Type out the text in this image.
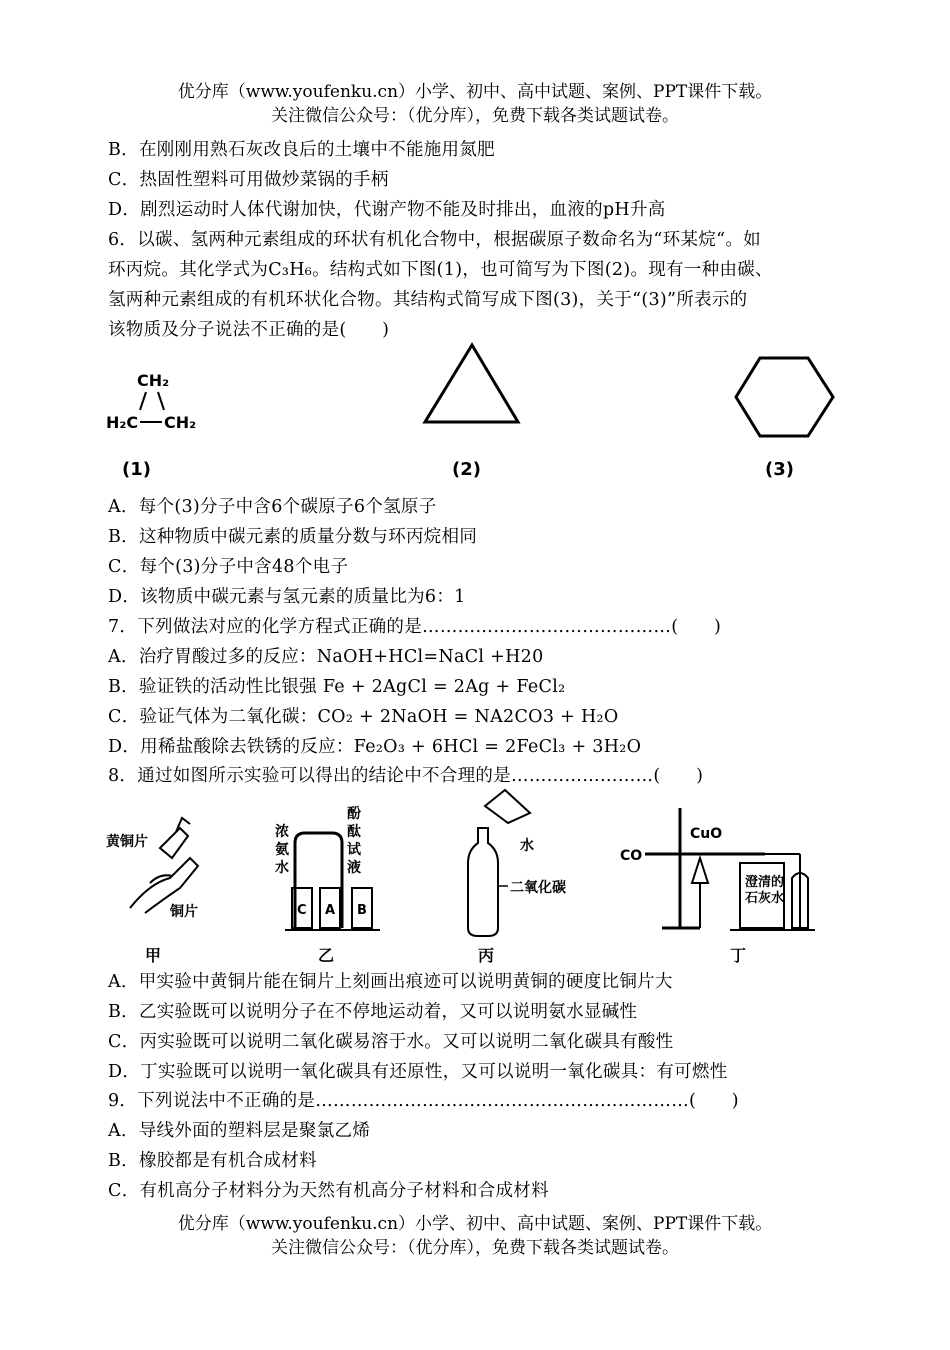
优分库（www.youfenku.cn）小学、初中、高中试题、案例、PPT课件下载。
关注微信公众号：（优分库），免费下载各类试题试卷。
B．在刚刚用熟石灰改良后的土壤中不能施用氮肥
C．热固性塑料可用做炒菜锅的手柄
D．剧烈运动时人体代谢加快，代谢产物不能及时排出，血液的pH升高
6．以碳、氢两种元素组成的环状有机化合物中，根据碳原子数命名为“环某烷“。如
环丙烷。其化学式为C₃H₆。结构式如下图(1)，也可简写为下图(2)。现有一种由碳、
氢两种元素组成的有机环状化合物。其结构式简写成下图(3)，关于“(3)”所表示的
该物质及分子说法不正确的是(　　)
CH₂
H₂C CH₂
(1)	(2)	(3)
A．每个(3)分子中含6个碳原子6个氢原子
B．这种物质中碳元素的质量分数与环丙烷相同
C．每个(3)分子中含48个电子
D．该物质中碳元素与氢元素的质量比为6：1
7．下列做法对应的化学方程式正确的是……………………………………(　　)
A．治疗胃酸过多的反应：NaOH+HCl=NaCl +H20
B．验证铁的活动性比银强 Fe + 2AgCl = 2Ag + FeCl₂
C．验证气体为二氧化碳：CO₂ + 2NaOH = NA2CO3 + H₂O
D．用稀盐酸除去铁锈的反应：Fe₂O₃ + 6HCl = 2FeCl₃ + 3H₂O
8．通过如图所示实验可以得出的结论中不合理的是……………………(　　)
黄铜片
铜片
甲
浓
氨
水
酚
酞
试
液
C A B
乙
水
二氧化碳
丙
CO
CuO
澄清的
石灰水
丁
A．甲实验中黄铜片能在铜片上刻画出痕迹可以说明黄铜的硬度比铜片大
B．乙实验既可以说明分子在不停地运动着，又可以说明氨水显碱性
C．丙实验既可以说明二氧化碳易溶于水。又可以说明二氧化碳具有酸性
D．丁实验既可以说明一氧化碳具有还原性，又可以说明一氧化碳具：有可燃性
9．下列说法中不正确的是………………………………………………………(　　)
A．导线外面的塑料层是聚氯乙烯
B．橡胶都是有机合成材料
C．有机高分子材料分为天然有机高分子材料和合成材料
优分库（www.youfenku.cn）小学、初中、高中试题、案例、PPT课件下载。
关注微信公众号：（优分库），免费下载各类试题试卷。
